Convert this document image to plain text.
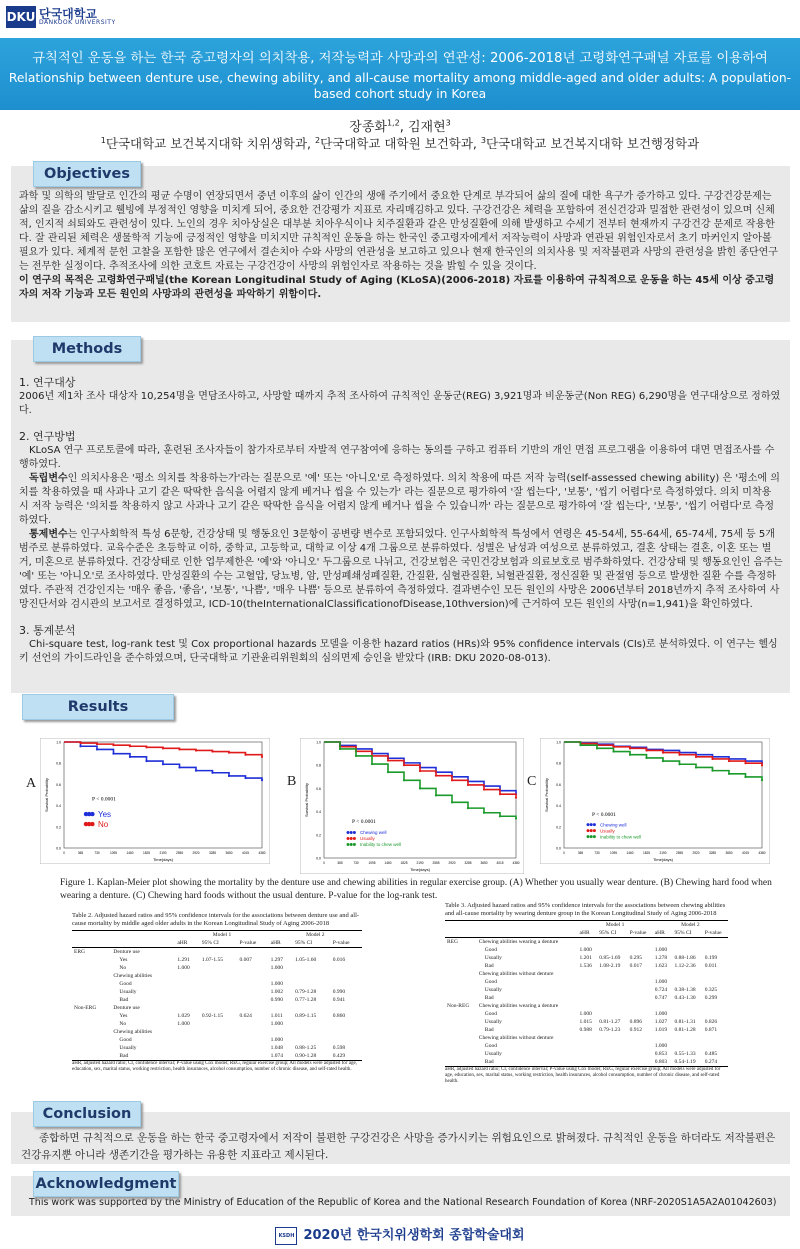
DKU 단국대학교
DANKOOK UNIVERSITY
규칙적인 운동을 하는 한국 중고령자의 의치착용, 저작능력과 사망과의 연관성: 2006-2018년 고령화연구패널 자료를 이용하여
Relationship between denture use, chewing ability, and all-cause mortality among middle-aged and older adults: A population-based cohort study in Korea
장종화$^{1,2}$, 김재현$^3$
$^1$단국대학교 보건복지대학 치위생학과, $^2$단국대학교 대학원 보건학과, $^3$단국대학교 보건복지대학 보건행정학과

과학 및 의학의 발달로 인간의 평균 수명이 연장되면서 중년 이후의 삶이 인간의 생애 주기에서 중요한 단계로 부각되어 삶의 질에 대한 욕구가 증가하고 있다. 구강건강문제는 삶의 질을 감소시키고 웰빙에 부정적인 영향을 미치게 되어, 중요한 건강평가 지표로 자리매김하고 있다. 구강건강은 체력을 포함하여 전신건강과 밀접한 관련성이 있으며 신체적, 인지적 쇠퇴와도 관련성이 있다. 노인의 경우 치아상실은 대부분 치아우식이나 치주질환과 같은 만성질환에 의해 발생하고 수세기 전부터 현재까지 구강건강 문제로 작용한다. 잘 관리된 체력은 생물학적 기능에 긍정적인 영향을 미치지만 규칙적인 운동을 하는 한국인 중고령자에게서 저작능력이 사망과 연관된 위험인자로서 초기 마커인지 알아볼 필요가 있다. 체계적 문헌 고찰을 포함한 많은 연구에서 결손치아 수와 사망의 연관성을 보고하고 있으나 현재 한국인의 의치사용 및 저작불편과 사망의 관련성을 밝힌 종단연구는 전무한 실정이다. 추적조사에 의한 코호트 자료는 구강건강이 사망의 위험인자로 작용하는 것을 밝힐 수 있을 것이다.

이 연구의 목적은 고령화연구패널(the Korean Longitudinal Study of Aging (KLoSA)(2006-2018) 자료를 이용하여 규칙적으로 운동을 하는 45세 이상 중고령자의 저작 기능과 모든 원인의 사망과의 관련성을 파악하기 위함이다.

Objectives
1. 연구대상

2006년 제1차 조사 대상자 10,254명을 면담조사하고, 사망할 때까지 추적 조사하여 규칙적인 운동군(REG) 3,921명과 비운동군(Non REG) 6,290명을 연구대상으로 정하였다.

2. 연구방법

KLoSA 연구 프로토콜에 따라, 훈련된 조사자들이 참가자로부터 자발적 연구참여에 응하는 동의를 구하고 컴퓨터 기반의 개인 면접 프로그램을 이용하여 대면 면접조사를 수행하였다.

독립변수인 의치사용은 '평소 의치를 착용하는가'라는 질문으로 '예' 또는 '아니오'로 측정하였다. 의치 착용에 따른 저작 능력(self-assessed chewing ability) 은 '평소에 의치를 착용하였을 때 사과나 고기 같은 딱딱한 음식을 어렵지 않게 베거나 씹을 수 있는가' 라는 질문으로 평가하여 '잘 씹는다', '보통', '씹기 어렵다'로 측정하였다. 의치 미착용 시 저작 능력은 '의치를 착용하지 않고 사과나 고기 같은 딱딱한 음식을 어렵지 않게 베거나 씹을 수 있습니까' 라는 질문으로 평가하여 '잘 씹는다', '보통', '씹기 어렵다'로 측정하였다.

통제변수는 인구사회학적 특성 6문항, 건강상태 및 행동요인 3문항이 공변량 변수로 포함되었다. 인구사회학적 특성에서 연령은 45-54세, 55-64세, 65-74세, 75세 등 5개 범주로 분류하였다. 교육수준은 초등학교 이하, 중학교, 고등학교, 대학교 이상 4개 그룹으로 분류하였다. 성별은 남성과 여성으로 분류하였고, 결혼 상태는 결혼, 이혼 또는 별거, 미혼으로 분류하였다. 건강상태로 인한 업무제한은 '예'와 '아니오' 두그룹으로 나뉘고, 건강보험은 국민건강보험과 의료보호로 범주화하였다. 건강상태 및 행동요인인 음주는 '예' 또는 '아니오'로 조사하였다. 만성질환의 수는 고혈압, 당뇨병, 암, 만성폐쇄성폐질환, 간질환, 심혈관질환, 뇌혈관질환, 정신질환 및 관절염 등으로 발생한 질환 수를 측정하였다. 주관적 건강인지는 '매우 좋음, '좋음', '보통', '나쁨', '매우 나쁨' 등으로 분류하여 측정하였다. 결과변수인 모든 원인의 사망은 2006년부터 2018년까지 추적 조사하여 사망진단서와 검시관의 보고서로 결정하였고, ICD-10(theInternationalClassificationofDisease,10thversion)에 근거하여 모든 원인의 사망(n=1,941)을 확인하였다.

3. 통계분석

Chi-square test, log-rank test 및 Cox proportional hazards 모델을 이용한 hazard ratios (HRs)와 95% confidence intervals (CIs)로 분석하였다. 이 연구는 헬싱키 선언의 가이드라인을 준수하였으며, 단국대학교 기관윤리위원회의 심의면제 승인을 받았다 (IRB: DKU 2020-08-013).

Methods
Results
A	B	C
0.0
0.2
0.4
0.6
0.8
1.0
0	365	730	1095	1460	1825	2190	2555	2920	3285	3650	4015	4380
Time(days)
Survival Probability	P < 0.0001
Yes
No
0.0
0.2
0.4
0.6
0.8
1.0
0	365	730	1095	1460	1825	2190	2555	2920	3285	3650	4015	4380
Time(days)
Survival Probability
P < 0.0001
Chewing well
Usually
Inability to chew well
0.0
0.2
0.4
0.6
0.8
1.0
0	365	730	1095	1460	1825	2190	2555	2920	3285	3650	4015	4380
Time(days)
Survival Probability
P < 0.0001
Chewing well
Usually
Inability to chew well
Figure 1. Kaplan-Meier plot showing the mortality by the denture use and chewing abilities in regular exercise group. (A) Whether you usually wear denture. (B) Chewing hard food when wearing a denture. (C) Chewing hard foods without the usual denture. P-value for the log-rank test.
Table 2. Adjusted hazard ratios and 95% confidence intervals for the associations between denture use and all-cause mortality by middle aged older adults in the Korean Longitudinal Study of Aging 2006-2018
		Model 1			Model 2		
		aHR	95% CI	P-value	aHR	95% CI	P-value
ERG	Denture use						
	Yes	1.291	1.07-1.55	0.007	1.297	1.05-1.60	0.016
	No	1.000			1.000		
	Chewing abilities						
	Good				1.000		
	Usually				1.002	0.79-1.28	0.990
	Bad				0.990	0.77-1.28	0.941
Non-ERG	Denture use						
	Yes	1.029	0.92-1.15	0.624	1.011	0.89-1.15	0.860
	No	1.000			1.000		
	Chewing abilities						
	Good				1.000		
	Usually				1.048	0.88-1.25	0.598
	Bad				1.074	0.90-1.28	0.429
aHR, adjusted hazard ratio; CI, confidence interval; P-value using Cox model; REG, regular exercise group; All models were adjusted for age, education, sex, marital status, working restriction, health insurances, alcohol consumption, number of chronic disease, and self-rated health.
Table 3. Adjusted hazard ratios and 95% confidence intervals for the associations between chewing abilities and all-cause mortality by wearing denture group in the Korean Longitudinal Study of Aging 2006-2018
		Model 1			Model 2		
		aHR	95% CI	P-value	aHR	95% CI	P-value
REG	Chewing abilities wearing a denture						
	Good	1.000			1.000		
	Usually	1.201	0.85-1.69	0.295	1.278	0.88-1.86	0.199
	Bad	1.536	1.08-2.19	0.017	1.623	1.12-2.36	0.011
	Chewing abilities without denture						
	Good				1.000		
	Usually				0.724	0.38-1.38	0.325
	Bad				0.747	0.43-1.30	0.299
Non-REG	Chewing abilities wearing a denture						
	Good	1.000			1.000		
	Usually	1.015	0.81-1.27	0.896	1.027	0.81-1.31	0.826
	Bad	0.988	0.79-1.23	0.912	1.019	0.81-1.28	0.871
	Chewing abilities without denture						
	Good				1.000		
	Usually				0.853	0.55-1.33	0.485
	Bad				0.803	0.54-1.19	0.274
aHR, adjusted hazard ratio; CI, confidence interval; P-value using Cox model; REG, regular exercise group; All models were adjusted for age, education, sex, marital status, working restriction, health insurances, alcohol consumption, number of chronic disease, and self-rated health.
종합하면 규칙적으로 운동을 하는 한국 중고령자에서 저작이 불편한 구강건강은 사망을 증가시키는 위험요인으로 밝혀졌다. 규칙적인 운동을 하더라도 저작불편은 건강유지뿐 아니라 생존기간을 평가하는 유용한 지표라고 제시된다.
Conclusion
This work was supported by the Ministry of Education of the Republic of Korea and the National Research Foundation of Korea (NRF-2020S1A5A2A01042603)
Acknowledgment
KSDH 2020년 한국치위생학회 종합학술대회
